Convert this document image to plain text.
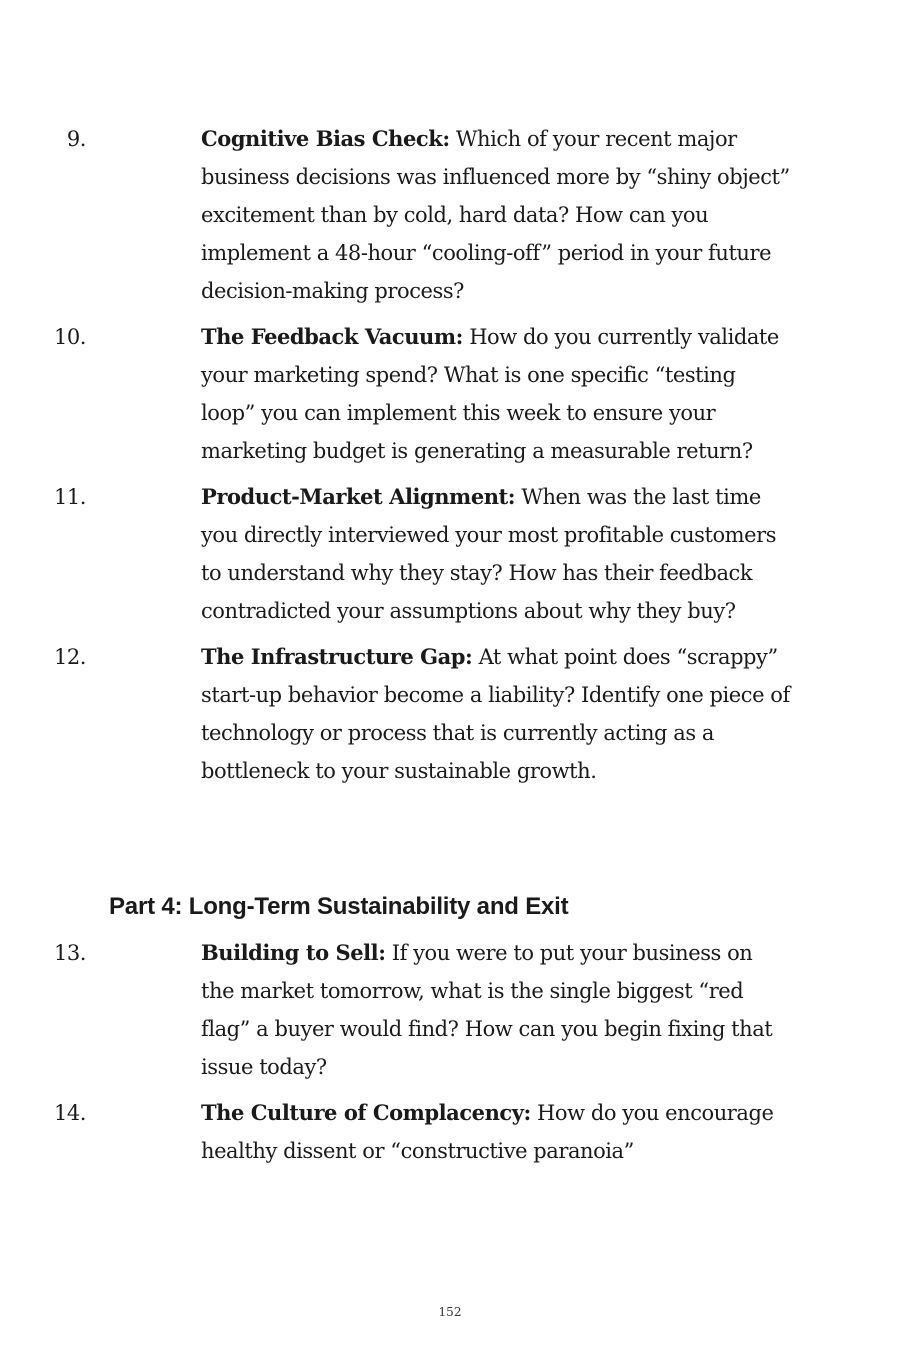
9.	Cognitive Bias Check: Which of your recent major business decisions was influenced more by “shiny object” excitement than by cold, hard data? How can you implement a 48-hour “cooling-off” period in your future decision-making process?
10.	The Feedback Vacuum: How do you currently validate your marketing spend? What is one specific “testing loop” you can implement this week to ensure your marketing budget is generating a measurable return?
11.	Product-Market Alignment: When was the last time you directly interviewed your most profitable customers to understand why they stay? How has their feedback contradicted your assumptions about why they buy?
12.	The Infrastructure Gap: At what point does “scrappy” start-up behavior become a liability? Identify one piece of technology or process that is currently acting as a bottleneck to your sustainable growth.
Part 4: Long-Term Sustainability and Exit
13.	Building to Sell: If you were to put your business on the market tomorrow, what is the single biggest “red flag” a buyer would find? How can you begin fixing that issue today?
14.	The Culture of Complacency: How do you encourage healthy dissent or “constructive paranoia”
152
